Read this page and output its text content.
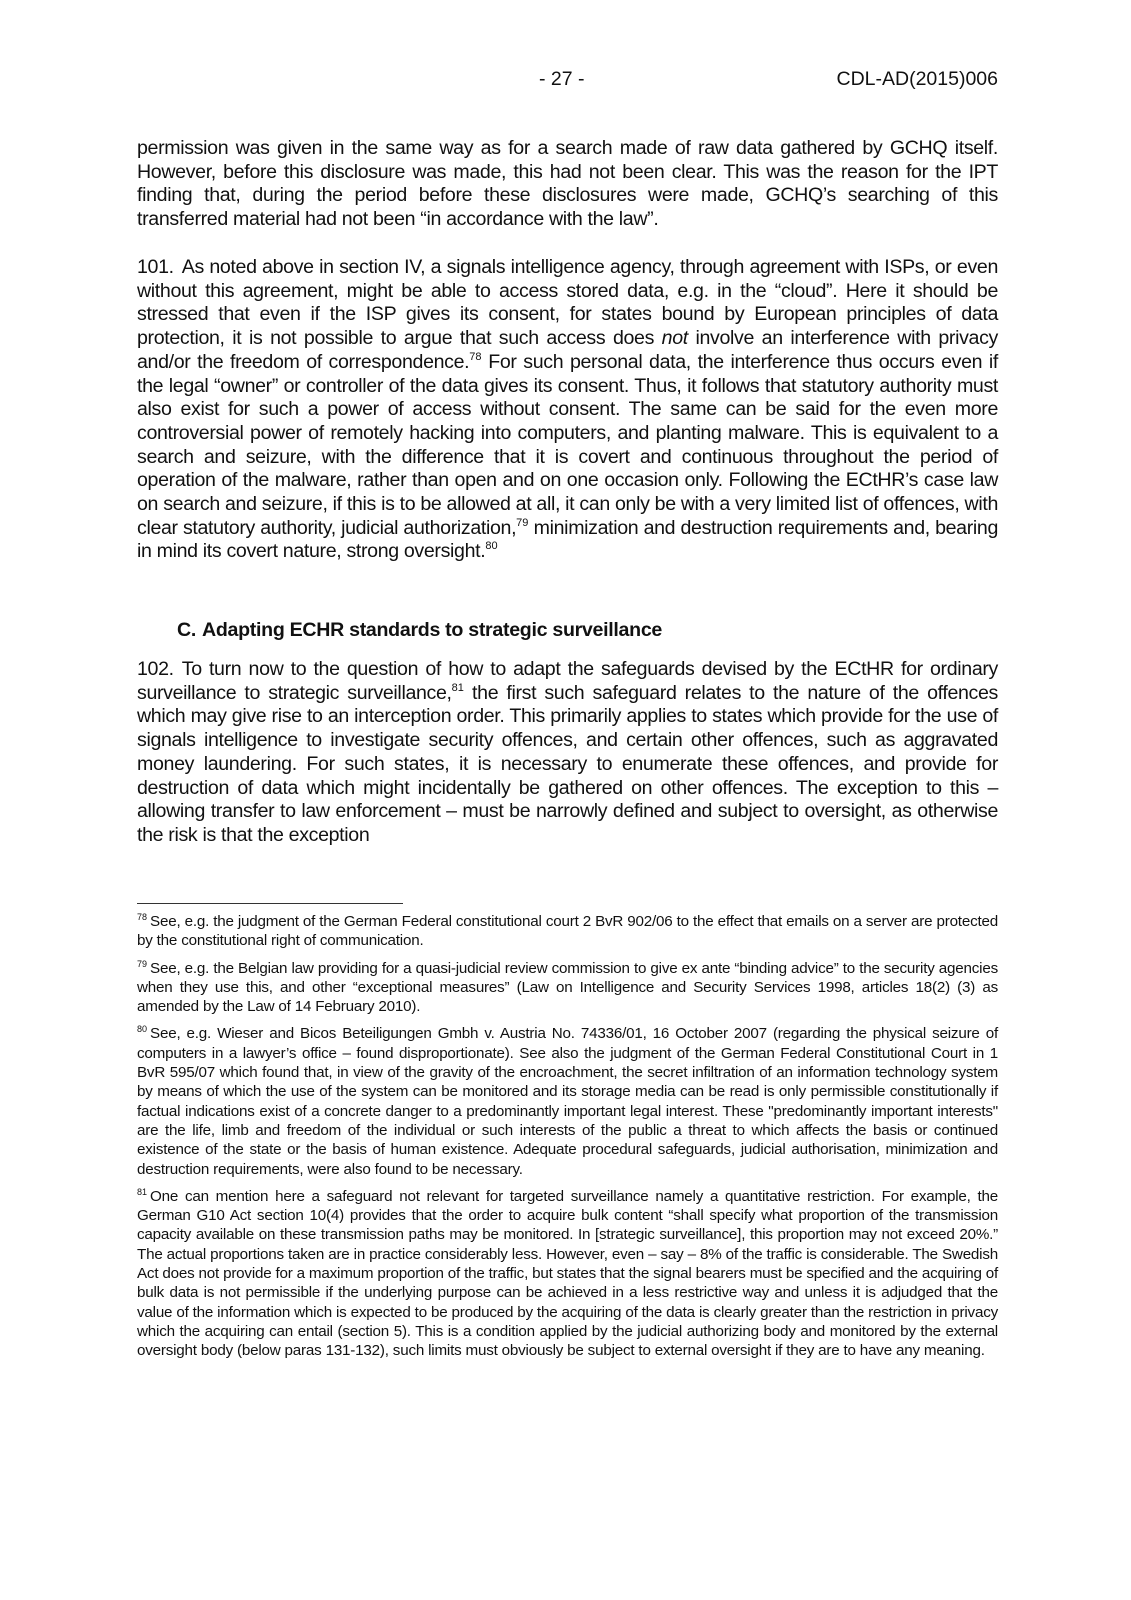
- 27 -	CDL-AD(2015)006

permission was given in the same way as for a search made of raw data gathered by GCHQ itself. However, before this disclosure was made, this had not been clear. This was the reason for the IPT finding that, during the period before these disclosures were made, GCHQ’s searching of this transferred material had not been “in accordance with the law”.

101. As noted above in section IV, a signals intelligence agency, through agreement with ISPs, or even without this agreement, might be able to access stored data, e.g. in the “cloud”. Here it should be stressed that even if the ISP gives its consent, for states bound by European principles of data protection, it is not possible to argue that such access does not involve an interference with privacy and/or the freedom of correspondence.$^{78}$ For such personal data, the interference thus occurs even if the legal “owner” or controller of the data gives its consent. Thus, it follows that statutory authority must also exist for such a power of access without consent. The same can be said for the even more controversial power of remotely hacking into computers, and planting malware. This is equivalent to a search and seizure, with the difference that it is covert and continuous throughout the period of operation of the malware, rather than open and on one occasion only. Following the ECtHR’s case law on search and seizure, if this is to be allowed at all, it can only be with a very limited list of offences, with clear statutory authority, judicial authorization,$^{79}$ minimization and destruction requirements and, bearing in mind its covert nature, strong oversight.$^{80}$

C. Adapting ECHR standards to strategic surveillance

102. To turn now to the question of how to adapt the safeguards devised by the ECtHR for ordinary surveillance to strategic surveillance,$^{81}$ the first such safeguard relates to the nature of the offences which may give rise to an interception order. This primarily applies to states which provide for the use of signals intelligence to investigate security offences, and certain other offences, such as aggravated money laundering. For such states, it is necessary to enumerate these offences, and provide for destruction of data which might incidentally be gathered on other offences. The exception to this – allowing transfer to law enforcement – must be narrowly defined and subject to oversight, as otherwise the risk is that the exception

$^{78}$ See, e.g. the judgment of the German Federal constitutional court 2 BvR 902/06 to the effect that emails on a server are protected by the constitutional right of communication.

$^{79}$ See, e.g. the Belgian law providing for a quasi-judicial review commission to give ex ante “binding advice” to the security agencies when they use this, and other “exceptional measures” (Law on Intelligence and Security Services 1998, articles 18(2) (3) as amended by the Law of 14 February 2010).

$^{80}$ See, e.g. Wieser and Bicos Beteiligungen Gmbh v. Austria No. 74336/01, 16 October 2007 (regarding the physical seizure of computers in a lawyer’s office – found disproportionate). See also the judgment of the German Federal Constitutional Court in 1 BvR 595/07 which found that, in view of the gravity of the encroachment, the secret infiltration of an information technology system by means of which the use of the system can be monitored and its storage media can be read is only permissible constitutionally if factual indications exist of a concrete danger to a predominantly important legal interest. These "predominantly important interests" are the life, limb and freedom of the individual or such interests of the public a threat to which affects the basis or continued existence of the state or the basis of human existence. Adequate procedural safeguards, judicial authorisation, minimization and destruction requirements, were also found to be necessary.

$^{81}$ One can mention here a safeguard not relevant for targeted surveillance namely a quantitative restriction. For example, the German G10 Act section 10(4) provides that the order to acquire bulk content “shall specify what proportion of the transmission capacity available on these transmission paths may be monitored. In [strategic surveillance], this proportion may not exceed 20%.” The actual proportions taken are in practice considerably less. However, even – say – 8% of the traffic is considerable. The Swedish Act does not provide for a maximum proportion of the traffic, but states that the signal bearers must be specified and the acquiring of bulk data is not permissible if the underlying purpose can be achieved in a less restrictive way and unless it is adjudged that the value of the information which is expected to be produced by the acquiring of the data is clearly greater than the restriction in privacy which the acquiring can entail (section 5). This is a condition applied by the judicial authorizing body and monitored by the external oversight body (below paras 131-132), such limits must obviously be subject to external oversight if they are to have any meaning.
